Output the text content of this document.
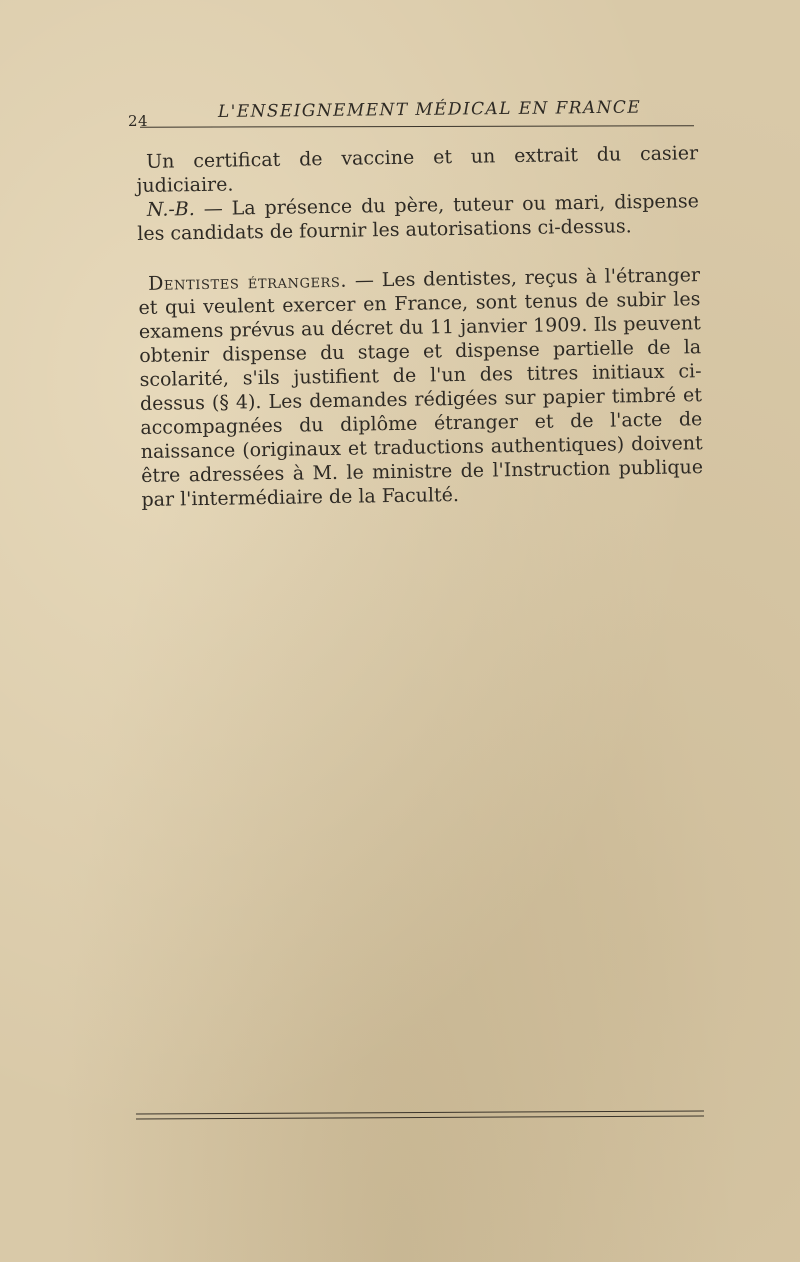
24	L'ENSEIGNEMENT MÉDICAL EN FRANCE

Un certificat de vaccine et un extrait du casier judiciaire.

N.-B. — La présence du père, tuteur ou mari, dispense les candidats de fournir les autorisations ci-dessus.

Dentistes étrangers. — Les dentistes, reçus à l'étranger et qui veulent exercer en France, sont tenus de subir les examens prévus au décret du 11 janvier 1909. Ils peuvent obtenir dispense du stage et dispense partielle de la scolarité, s'ils justifient de l'un des titres initiaux ci-dessus (§ 4). Les demandes rédigées sur papier timbré et accompagnées du diplôme étranger et de l'acte de naissance (originaux et traductions authentiques) doivent être adressées à M. le ministre de l'Instruction publique par l'intermédiaire de la Faculté.
